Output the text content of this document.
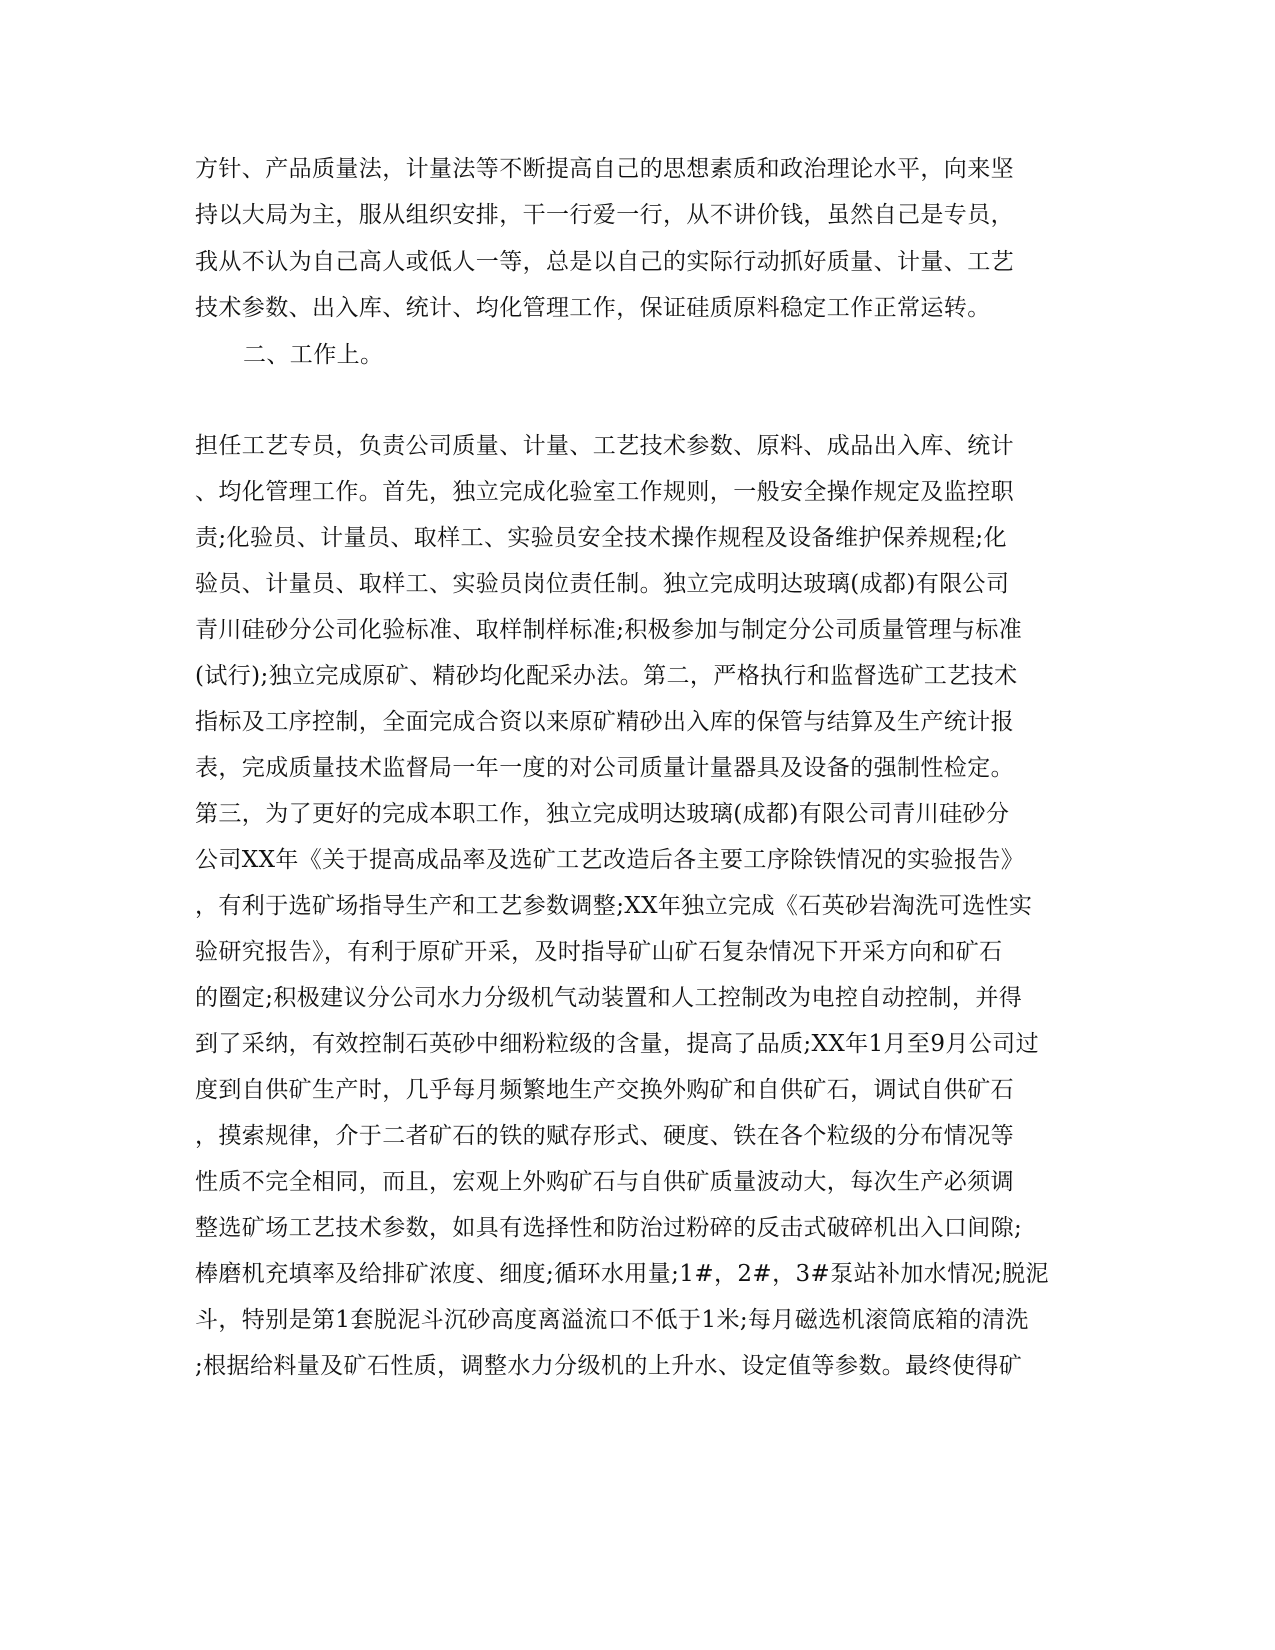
方针、产品质量法，计量法等不断提高自己的思想素质和政治理论水平，向来坚
持以大局为主，服从组织安排，干一行爱一行，从不讲价钱，虽然自己是专员，
我从不认为自己高人或低人一等，总是以自己的实际行动抓好质量、计量、工艺
技术参数、出入库、统计、均化管理工作，保证硅质原料稳定工作正常运转。
二、工作上。
担任工艺专员，负责公司质量、计量、工艺技术参数、原料、成品出入库、统计
、均化管理工作。首先，独立完成化验室工作规则，一般安全操作规定及监控职
责;化验员、计量员、取样工、实验员安全技术操作规程及设备维护保养规程;化
验员、计量员、取样工、实验员岗位责任制。独立完成明达玻璃(成都)有限公司
青川硅砂分公司化验标准、取样制样标准;积极参加与制定分公司质量管理与标准
(试行);独立完成原矿、精砂均化配采办法。第二，严格执行和监督选矿工艺技术
指标及工序控制，全面完成合资以来原矿精砂出入库的保管与结算及生产统计报
表，完成质量技术监督局一年一度的对公司质量计量器具及设备的强制性检定。
第三，为了更好的完成本职工作，独立完成明达玻璃(成都)有限公司青川硅砂分
公司XX年《关于提高成品率及选矿工艺改造后各主要工序除铁情况的实验报告》
，有利于选矿场指导生产和工艺参数调整;XX年独立完成《石英砂岩淘洗可选性实
验研究报告》，有利于原矿开采，及时指导矿山矿石复杂情况下开采方向和矿石
的圈定;积极建议分公司水力分级机气动装置和人工控制改为电控自动控制，并得
到了采纳，有效控制石英砂中细粉粒级的含量，提高了品质;XX年1月至9月公司过
度到自供矿生产时，几乎每月频繁地生产交换外购矿和自供矿石，调试自供矿石
，摸索规律，介于二者矿石的铁的赋存形式、硬度、铁在各个粒级的分布情况等
性质不完全相同，而且，宏观上外购矿石与自供矿质量波动大，每次生产必须调
整选矿场工艺技术参数，如具有选择性和防治过粉碎的反击式破碎机出入口间隙;
棒磨机充填率及给排矿浓度、细度;循环水用量;1#，2#，3#泵站补加水情况;脱泥
斗，特别是第1套脱泥斗沉砂高度离溢流口不低于1米;每月磁选机滚筒底箱的清洗
;根据给料量及矿石性质，调整水力分级机的上升水、设定值等参数。最终使得矿
